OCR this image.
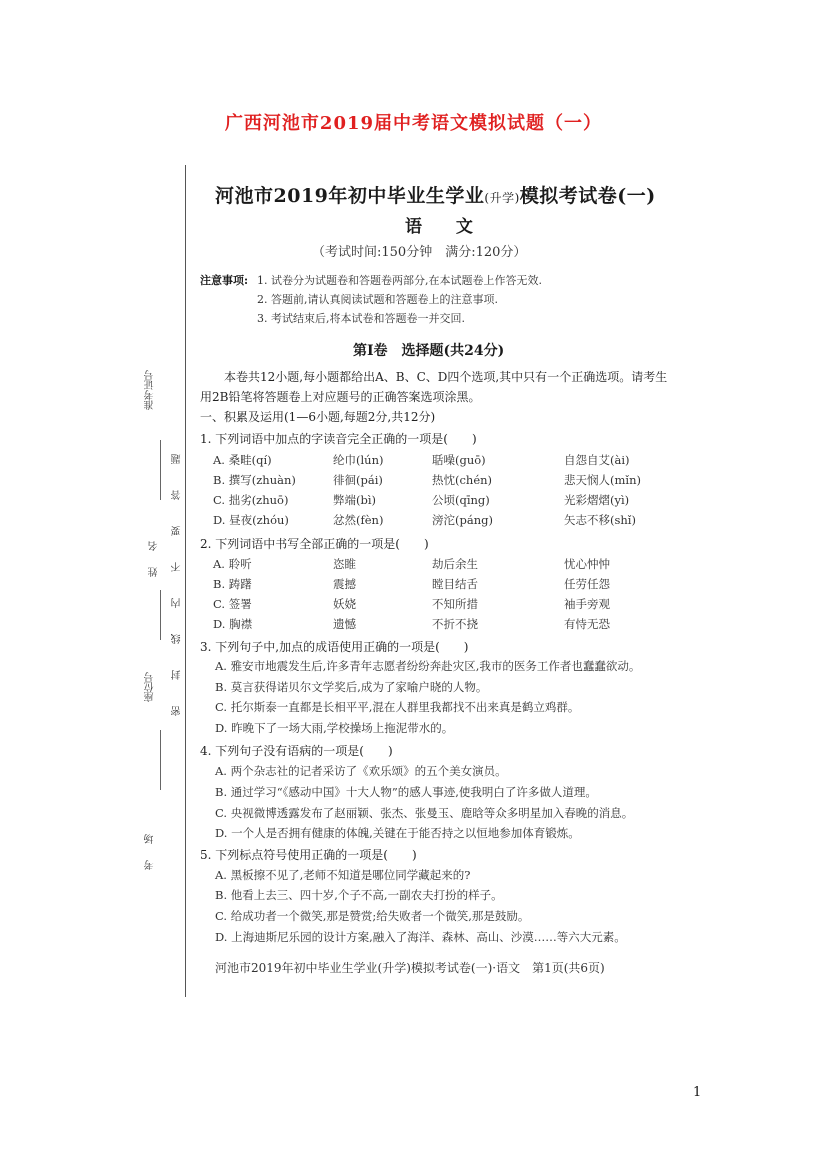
广西河池市2019届中考语文模拟试题（一）
准考证号
姓名
座位号
考场
密封线内不要答题
河池市2019年初中毕业生学业(升学)模拟考试卷(一)
语 文
（考试时间:150分钟　满分:120分）
注意事项: 1. 试卷分为试题卷和答题卷两部分,在本试题卷上作答无效.
2. 答题前,请认真阅读试题和答题卷上的注意事项.
3. 考试结束后,将本试卷和答题卷一并交回.
第Ⅰ卷　选择题(共24分)
本卷共12小题,每小题都给出A、B、C、D四个选项,其中只有一个正确选项。请考生
用2B铅笔将答题卷上对应题号的正确答案选项涂黑。
一、积累及运用(1—6小题,每题2分,共12分)
1. 下列词语中加点的字读音完全正确的一项是(　　)
A. 桑畦(qí)	纶巾(lún)	聒噪(guō)	自怨自艾(ài)
B. 撰写(zhuàn)	徘徊(pái)	热忱(chén)	悲天悯人(mǐn)
C. 拙劣(zhuō)	弊端(bì)	公顷(qīng)	光彩熠熠(yì)
D. 昼夜(zhóu)	忿然(fèn)	滂沱(páng)	矢志不移(shǐ)
2. 下列词语中书写全部正确的一项是(　　)
A. 聆听	恣睢	劫后余生	忧心忡忡
B. 踌躇	震撼	瞠目结舌	任劳任怨
C. 签署	妖娆	不知所措	袖手旁观
D. 胸襟	遗憾	不折不挠	有恃无恐
3. 下列句子中,加点的成语使用正确的一项是(　　)
A. 雅安市地震发生后,许多青年志愿者纷纷奔赴灾区,我市的医务工作者也蠢蠢欲动。
B. 莫言获得诺贝尔文学奖后,成为了家喻户晓的人物。
C. 托尔斯泰一直都是长相平平,混在人群里我都找不出来真是鹤立鸡群。
D. 昨晚下了一场大雨,学校操场上拖泥带水的。
4. 下列句子没有语病的一项是(　　)
A. 两个杂志社的记者采访了《欢乐颂》的五个美女演员。
B. 通过学习“《感动中国》十大人物”的感人事迹,使我明白了许多做人道理。
C. 央视微博透露发布了赵丽颖、张杰、张曼玉、鹿晗等众多明星加入春晚的消息。
D. 一个人是否拥有健康的体魄,关键在于能否持之以恒地参加体育锻炼。
5. 下列标点符号使用正确的一项是(　　)
A. 黑板擦不见了,老师不知道是哪位同学藏起来的?
B. 他看上去三、四十岁,个子不高,一副农夫打扮的样子。
C. 给成功者一个微笑,那是赞赏;给失败者一个微笑,那是鼓励。
D. 上海迪斯尼乐园的设计方案,融入了海洋、森林、高山、沙漠……等六大元素。
河池市2019年初中毕业生学业(升学)模拟考试卷(一)·语文　第1页(共6页)
1
